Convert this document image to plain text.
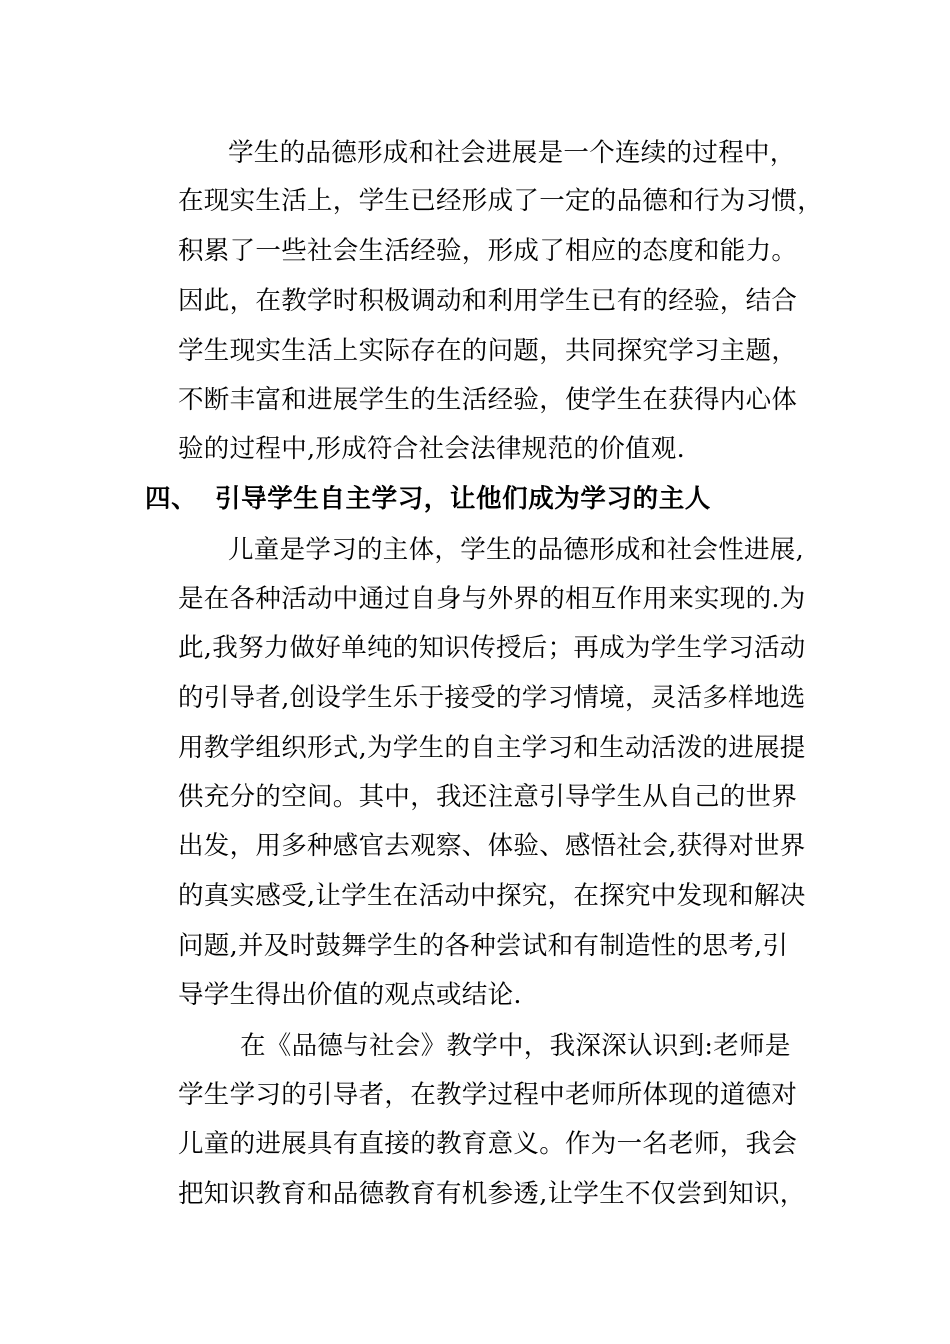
学生的品德形成和社会进展是一个连续的过程中，
在现实生活上，学生已经形成了一定的品德和行为习惯，
积累了一些社会生活经验，形成了相应的态度和能力。
因此，在教学时积极调动和利用学生已有的经验，结合
学生现实生活上实际存在的问题，共同探究学习主题，
不断丰富和进展学生的生活经验，使学生在获得内心体
验的过程中,形成符合社会法律规范的价值观.
四、 引导学生自主学习，让他们成为学习的主人
儿童是学习的主体，学生的品德形成和社会性进展,
是在各种活动中通过自身与外界的相互作用来实现的.为
此,我努力做好单纯的知识传授后；再成为学生学习活动
的引导者,创设学生乐于接受的学习情境，灵活多样地选
用教学组织形式,为学生的自主学习和生动活泼的进展提
供充分的空间。其中，我还注意引导学生从自己的世界
出发，用多种感官去观察、体验、感悟社会,获得对世界
的真实感受,让学生在活动中探究，在探究中发现和解决
问题,并及时鼓舞学生的各种尝试和有制造性的思考,引
导学生得出价值的观点或结论.
在《品德与社会》教学中，我深深认识到:老师是
学生学习的引导者，在教学过程中老师所体现的道德对
儿童的进展具有直接的教育意义。作为一名老师，我会
把知识教育和品德教育有机参透,让学生不仅尝到知识，
